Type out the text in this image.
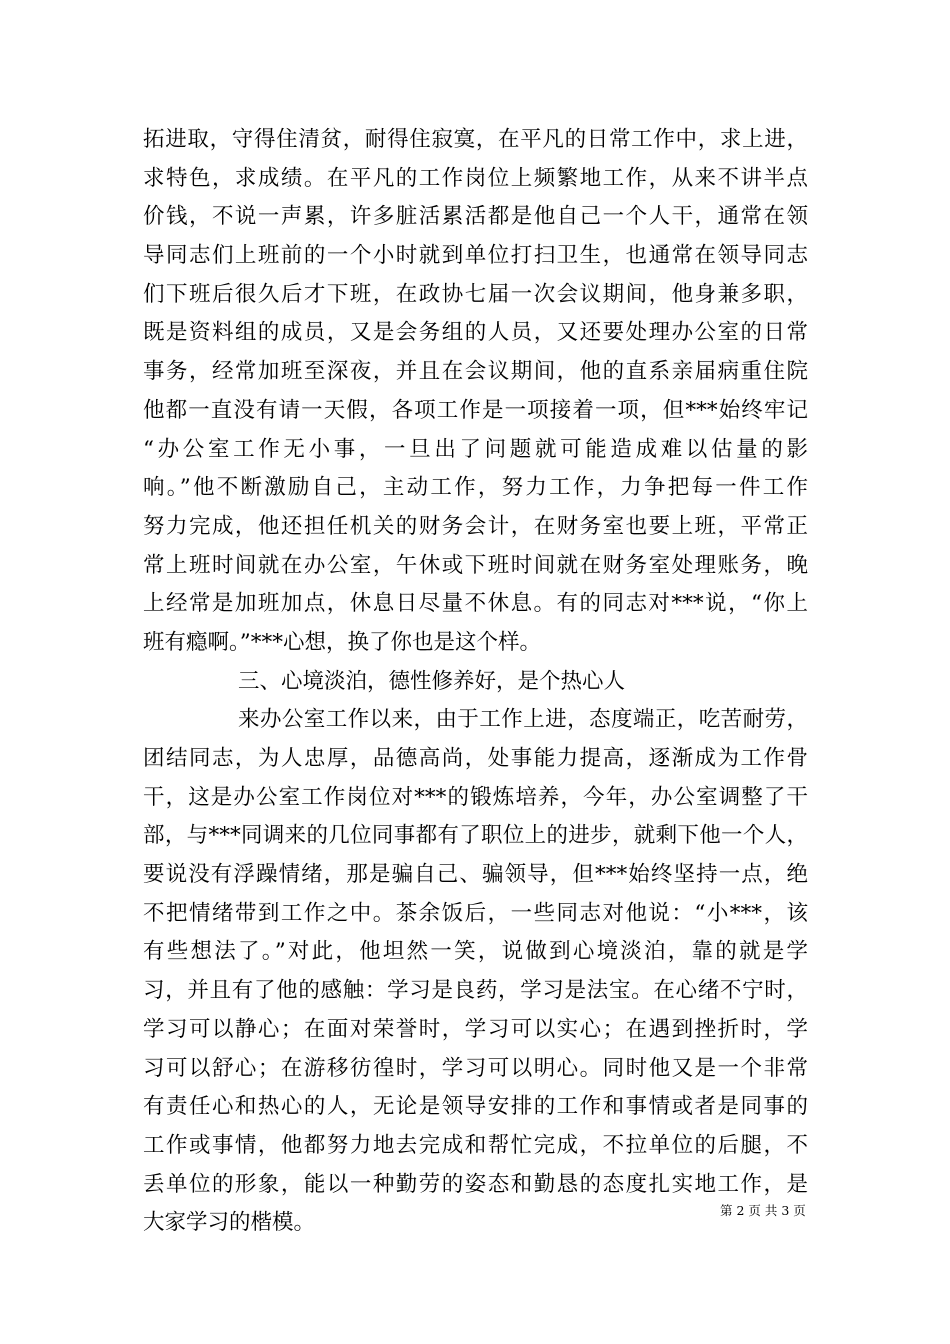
拓进取，守得住清贫，耐得住寂寞，在平凡的日常工作中，求上进，
求特色，求成绩。在平凡的工作岗位上频繁地工作，从来不讲半点
价钱，不说一声累，许多脏活累活都是他自己一个人干，通常在领
导同志们上班前的一个小时就到单位打扫卫生，也通常在领导同志
们下班后很久后才下班，在政协七届一次会议期间，他身兼多职，
既是资料组的成员，又是会务组的人员，又还要处理办公室的日常
事务，经常加班至深夜，并且在会议期间，他的直系亲届病重住院
他都一直没有请一天假，各项工作是一项接着一项，但***始终牢记
“办公室工作无小事，一旦出了问题就可能造成难以估量的影
响。”他不断激励自己，主动工作，努力工作，力争把每一件工作
努力完成，他还担任机关的财务会计，在财务室也要上班，平常正
常上班时间就在办公室，午休或下班时间就在财务室处理账务，晚
上经常是加班加点，休息日尽量不休息。有的同志对***说，“你上
班有瘾啊。”***心想，换了你也是这个样。
三、心境淡泊，德性修养好，是个热心人
来办公室工作以来，由于工作上进，态度端正，吃苦耐劳，
团结同志，为人忠厚，品德高尚，处事能力提高，逐渐成为工作骨
干，这是办公室工作岗位对***的锻炼培养，今年，办公室调整了干
部，与***同调来的几位同事都有了职位上的进步，就剩下他一个人，
要说没有浮躁情绪，那是骗自己、骗领导，但***始终坚持一点，绝
不把情绪带到工作之中。茶余饭后，一些同志对他说：“小***，该
有些想法了。”对此，他坦然一笑，说做到心境淡泊，靠的就是学
习，并且有了他的感触：学习是良药，学习是法宝。在心绪不宁时，
学习可以静心；在面对荣誉时，学习可以实心；在遇到挫折时，学
习可以舒心；在游移彷徨时，学习可以明心。同时他又是一个非常
有责任心和热心的人，无论是领导安排的工作和事情或者是同事的
工作或事情，他都努力地去完成和帮忙完成，不拉单位的后腿，不
丢单位的形象，能以一种勤劳的姿态和勤恳的态度扎实地工作，是
大家学习的楷模。	第 2 页 共 3 页
